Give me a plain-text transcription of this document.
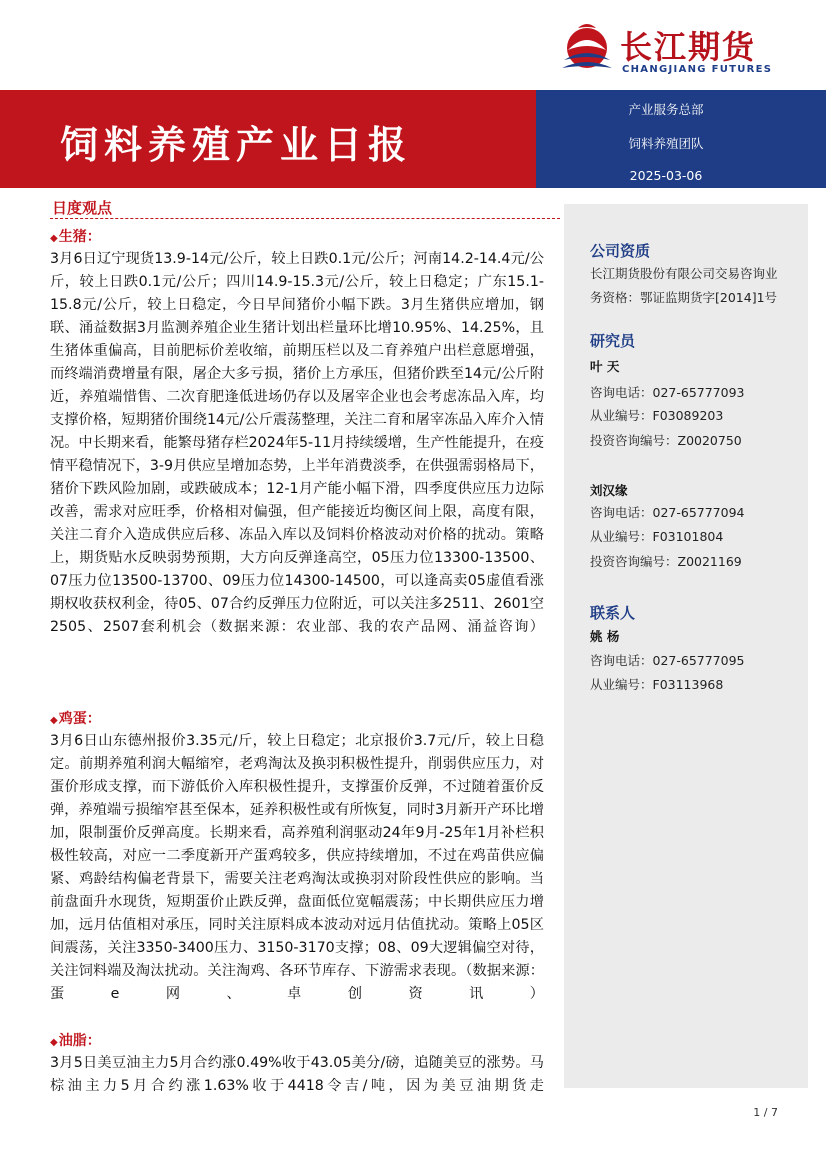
长江期货
CHANGJIANG FUTURES
饲料养殖产业日报
产业服务总部
饲料养殖团队
2025-03-06
日度观点
◆生猪：
3月6日辽宁现货13.9-14元/公斤，较上日跌0.1元/公斤；河南14.2-14.4元/公斤，较上日跌0.1元/公斤；四川14.9-15.3元/公斤，较上日稳定；广东15.1-15.8元/公斤，较上日稳定，今日早间猪价小幅下跌。3月生猪供应增加，钢联、涌益数据3月监测养殖企业生猪计划出栏量环比增10.95%、14.25%，且生猪体重偏高，目前肥标价差收缩，前期压栏以及二育养殖户出栏意愿增强，而终端消费增量有限，屠企大多亏损，猪价上方承压，但猪价跌至14元/公斤附近，养殖端惜售、二次育肥逢低进场仍存以及屠宰企业也会考虑冻品入库，均支撑价格，短期猪价围绕14元/公斤震荡整理，关注二育和屠宰冻品入库介入情况。中长期来看，能繁母猪存栏2024年5-11月持续缓增，生产性能提升，在疫情平稳情况下，3-9月供应呈增加态势，上半年消费淡季，在供强需弱格局下，猪价下跌风险加剧，或跌破成本；12-1月产能小幅下滑，四季度供应压力边际改善，需求对应旺季，价格相对偏强，但产能接近均衡区间上限，高度有限，关注二育介入造成供应后移、冻品入库以及饲料价格波动对价格的扰动。策略上，期货贴水反映弱势预期，大方向反弹逢高空，05压力位13300-13500、07压力位13500-13700、09压力位14300-14500，可以逢高卖05虚值看涨期权收获权利金，待05、07合约反弹压力位附近，可以关注多2511、2601空2505、2507套利机会（数据来源：农业部、我的农产品网、涌益咨询）
◆鸡蛋：
3月6日山东德州报价3.35元/斤，较上日稳定；北京报价3.7元/斤，较上日稳定。前期养殖利润大幅缩窄，老鸡淘汰及换羽积极性提升，削弱供应压力，对蛋价形成支撑，而下游低价入库积极性提升，支撑蛋价反弹，不过随着蛋价反弹，养殖端亏损缩窄甚至保本，延养积极性或有所恢复，同时3月新开产环比增加，限制蛋价反弹高度。长期来看，高养殖利润驱动24年9月-25年1月补栏积极性较高，对应一二季度新开产蛋鸡较多，供应持续增加，不过在鸡苗供应偏紧、鸡龄结构偏老背景下，需要关注老鸡淘汰或换羽对阶段性供应的影响。当前盘面升水现货，短期蛋价止跌反弹，盘面低位宽幅震荡；中长期供应压力增加，远月估值相对承压，同时关注原料成本波动对远月估值扰动。策略上05区间震荡，关注3350-3400压力、3150-3170支撑；08、09大逻辑偏空对待，关注饲料端及淘汰扰动。关注淘鸡、各环节库存、下游需求表现。（数据来源：蛋e网、卓创资讯）
◆油脂：
3月5日美豆油主力5月合约涨0.49%收于43.05美分/磅，追随美豆的涨势。马棕油主力5月合约涨1.63%收于4418令吉/吨，因为美豆油期货走
公司资质
长江期货股份有限公司交易咨询业
务资格：鄂证监期货字[2014]1号
研究员
叶 天
咨询电话：027-65777093
从业编号：F03089203
投资咨询编号：Z0020750
刘汉缘
咨询电话：027-65777094
从业编号：F03101804
投资咨询编号：Z0021169
联系人
姚 杨
咨询电话：027-65777095
从业编号：F03113968
1 / 7
